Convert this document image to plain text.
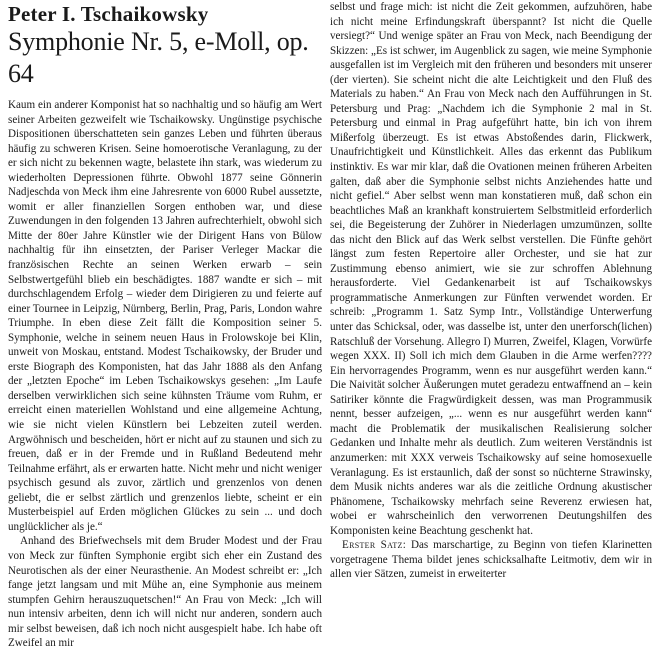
Peter I. Tschaikowsky
Symphonie Nr. 5, e-Moll, op. 64

Kaum ein anderer Komponist hat so nachhaltig und so häufig am Wert seiner Arbeiten gezweifelt wie Tschaikowsky. Ungünstige psychische Dispositionen überschatteten sein ganzes Leben und führten überaus häufig zu schweren Krisen. Seine homoerotische Veranlagung, zu der er sich nicht zu bekennen wagte, belastete ihn stark, was wiederum zu wiederholten Depressionen führte. Obwohl 1877 seine Gönnerin Nadjeschda von Meck ihm eine Jahresrente von 6000 Rubel aussetzte, womit er aller finanziellen Sorgen enthoben war, und diese Zuwendungen in den folgenden 13 Jahren aufrechterhielt, obwohl sich Mitte der 80er Jahre Künstler wie der Dirigent Hans von Bülow nachhaltig für ihn einsetzten, der Pariser Verleger Mackar die französischen Rechte an seinen Werken erwarb – sein Selbstwertgefühl blieb ein beschädigtes. 1887 wandte er sich – mit durchschlagendem Erfolg – wieder dem Dirigieren zu und feierte auf einer Tournee in Leipzig, Nürnberg, Berlin, Prag, Paris, London wahre Triumphe. In eben diese Zeit fällt die Komposition seiner 5. Symphonie, welche in seinem neuen Haus in Frolowskoje bei Klin, unweit von Moskau, entstand. Modest Tschaikowsky, der Bruder und erste Biograph des Komponisten, hat das Jahr 1888 als den Anfang der „letzten Epoche“ im Leben Tschaikowskys gesehen: „Im Laufe derselben verwirklichen sich seine kühnsten Träume vom Ruhm, er erreicht einen materiellen Wohlstand und eine allgemeine Achtung, wie sie nicht vielen Künstlern bei Lebzeiten zuteil werden. Argwöhnisch und bescheiden, hört er nicht auf zu staunen und sich zu freuen, daß er in der Fremde und in Rußland Bedeutend mehr Teilnahme erfährt, als er erwarten hatte. Nicht mehr und nicht weniger psychisch gesund als zuvor, zärtlich und grenzenlos von denen geliebt, die er selbst zärtlich und grenzenlos liebte, scheint er ein Musterbeispiel auf Erden möglichen Glückes zu sein ... und doch unglücklicher als je.“

Anhand des Briefwechsels mit dem Bruder Modest und der Frau von Meck zur fünften Symphonie ergibt sich eher ein Zustand des Neurotischen als der einer Neurasthenie. An Modest schreibt er: „Ich fange jetzt langsam und mit Mühe an, eine Symphonie aus meinem stumpfen Gehirn herauszuquetschen!“ An Frau von Meck: „Ich will nun intensiv arbeiten, denn ich will nicht nur anderen, sondern auch mir selbst beweisen, daß ich noch nicht ausgespielt habe. Ich habe oft Zweifel an mir

selbst und frage mich: ist nicht die Zeit gekommen, aufzuhören, habe ich nicht meine Erfindungskraft überspannt? Ist nicht die Quelle versiegt?“ Und wenige später an Frau von Meck, nach Beendigung der Skizzen: „Es ist schwer, im Augenblick zu sagen, wie meine Symphonie ausgefallen ist im Vergleich mit den früheren und besonders mit unserer (der vierten). Sie scheint nicht die alte Leichtigkeit und den Fluß des Materials zu haben.“ An Frau von Meck nach den Aufführungen in St. Petersburg und Prag: „Nachdem ich die Symphonie 2 mal in St. Petersburg und einmal in Prag aufgeführt hatte, bin ich von ihrem Mißerfolg überzeugt. Es ist etwas Abstoßendes darin, Flickwerk, Unaufrichtigkeit und Künstlichkeit. Alles das erkennt das Publikum instinktiv. Es war mir klar, daß die Ovationen meinen früheren Arbeiten galten, daß aber die Symphonie selbst nichts Anziehendes hatte und nicht gefiel.“ Aber selbst wenn man konstatieren muß, daß schon ein beachtliches Maß an krankhaft konstruiertem Selbstmitleid erforderlich sei, die Begeisterung der Zuhörer in Niederlagen umzumünzen, sollte das nicht den Blick auf das Werk selbst verstellen. Die Fünfte gehört längst zum festen Repertoire aller Orchester, und sie hat zur Zustimmung ebenso animiert, wie sie zur schroffen Ablehnung herausforderte. Viel Gedankenarbeit ist auf Tschaikowskys programmatische Anmerkungen zur Fünften verwendet worden. Er schreib: „Programm 1. Satz Symp Intr., Vollständige Unterwerfung unter das Schicksal, oder, was dasselbe ist, unter den unerforsch(lichen) Ratschluß der Vorsehung. Allegro I) Murren, Zweifel, Klagen, Vorwürfe wegen XXX. II) Soll ich mich dem Glauben in die Arme werfen???? Ein hervorragendes Programm, wenn es nur ausgeführt werden kann.“ Die Naivität solcher Äußerungen mutet geradezu entwaffnend an – kein Satiriker könnte die Fragwürdigkeit dessen, was man Programmusik nennt, besser aufzeigen, „... wenn es nur ausgeführt werden kann“ macht die Problematik der musikalischen Realisierung solcher Gedanken und Inhalte mehr als deutlich. Zum weiteren Verständnis ist anzumerken: mit XXX verweis Tschaikowsky auf seine homosexuelle Veranlagung. Es ist erstaunlich, daß der sonst so nüchterne Strawinsky, dem Musik nichts anderes war als die zeitliche Ordnung akustischer Phänomene, Tschaikowsky mehrfach seine Reverenz erwiesen hat, wobei er wahrscheinlich den verworrenen Deutungshilfen des Komponisten keine Beachtung geschenkt hat.

Erster Satz: Das marschartige, zu Beginn von tiefen Klarinetten vorgetragene Thema bildet jenes schicksalhafte Leitmotiv, dem wir in allen vier Sätzen, zumeist in erweiterter
